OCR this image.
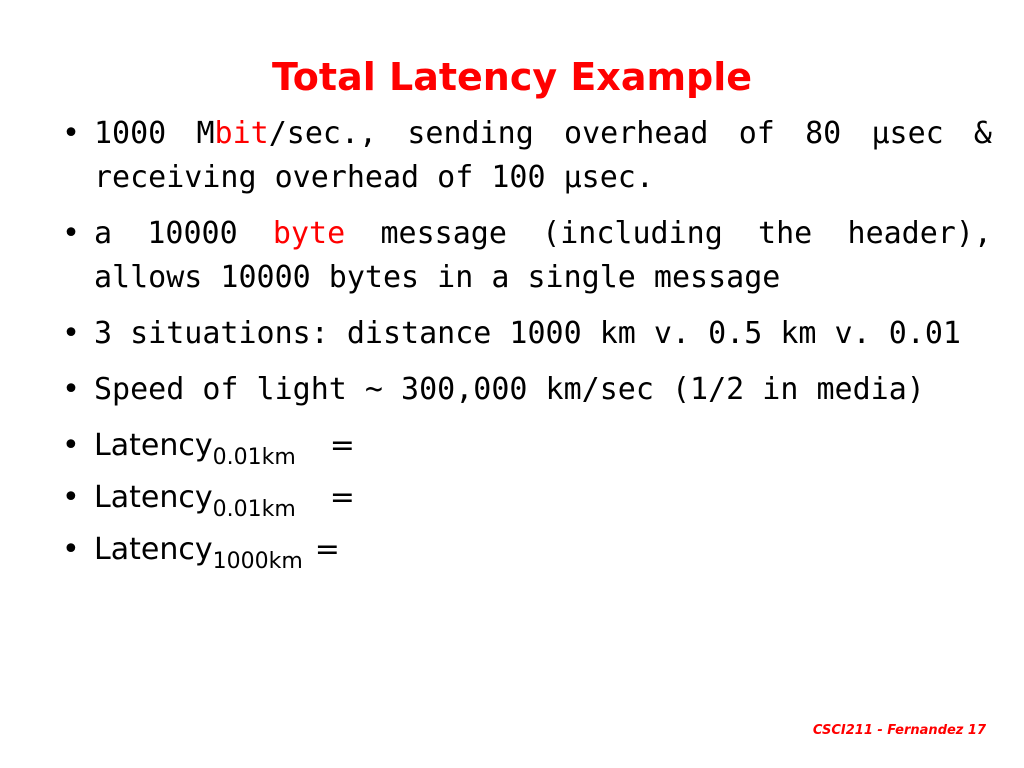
Total Latency Example
• 1000 Mbit/sec., sending overhead of 80 µsec & receiving overhead of 100 µsec.
• a 10000 byte message (including the header), allows 10000 bytes in a single message
• 3 situations: distance 1000 km v. 0.5 km v. 0.01
• Speed of light ~ 300,000 km/sec (1/2 in media)
• Latency$_{0.01km}$ =
• Latency$_{0.01km}$ =
• Latency$_{1000km}$ =
CSCI211 - Fernandez 17
